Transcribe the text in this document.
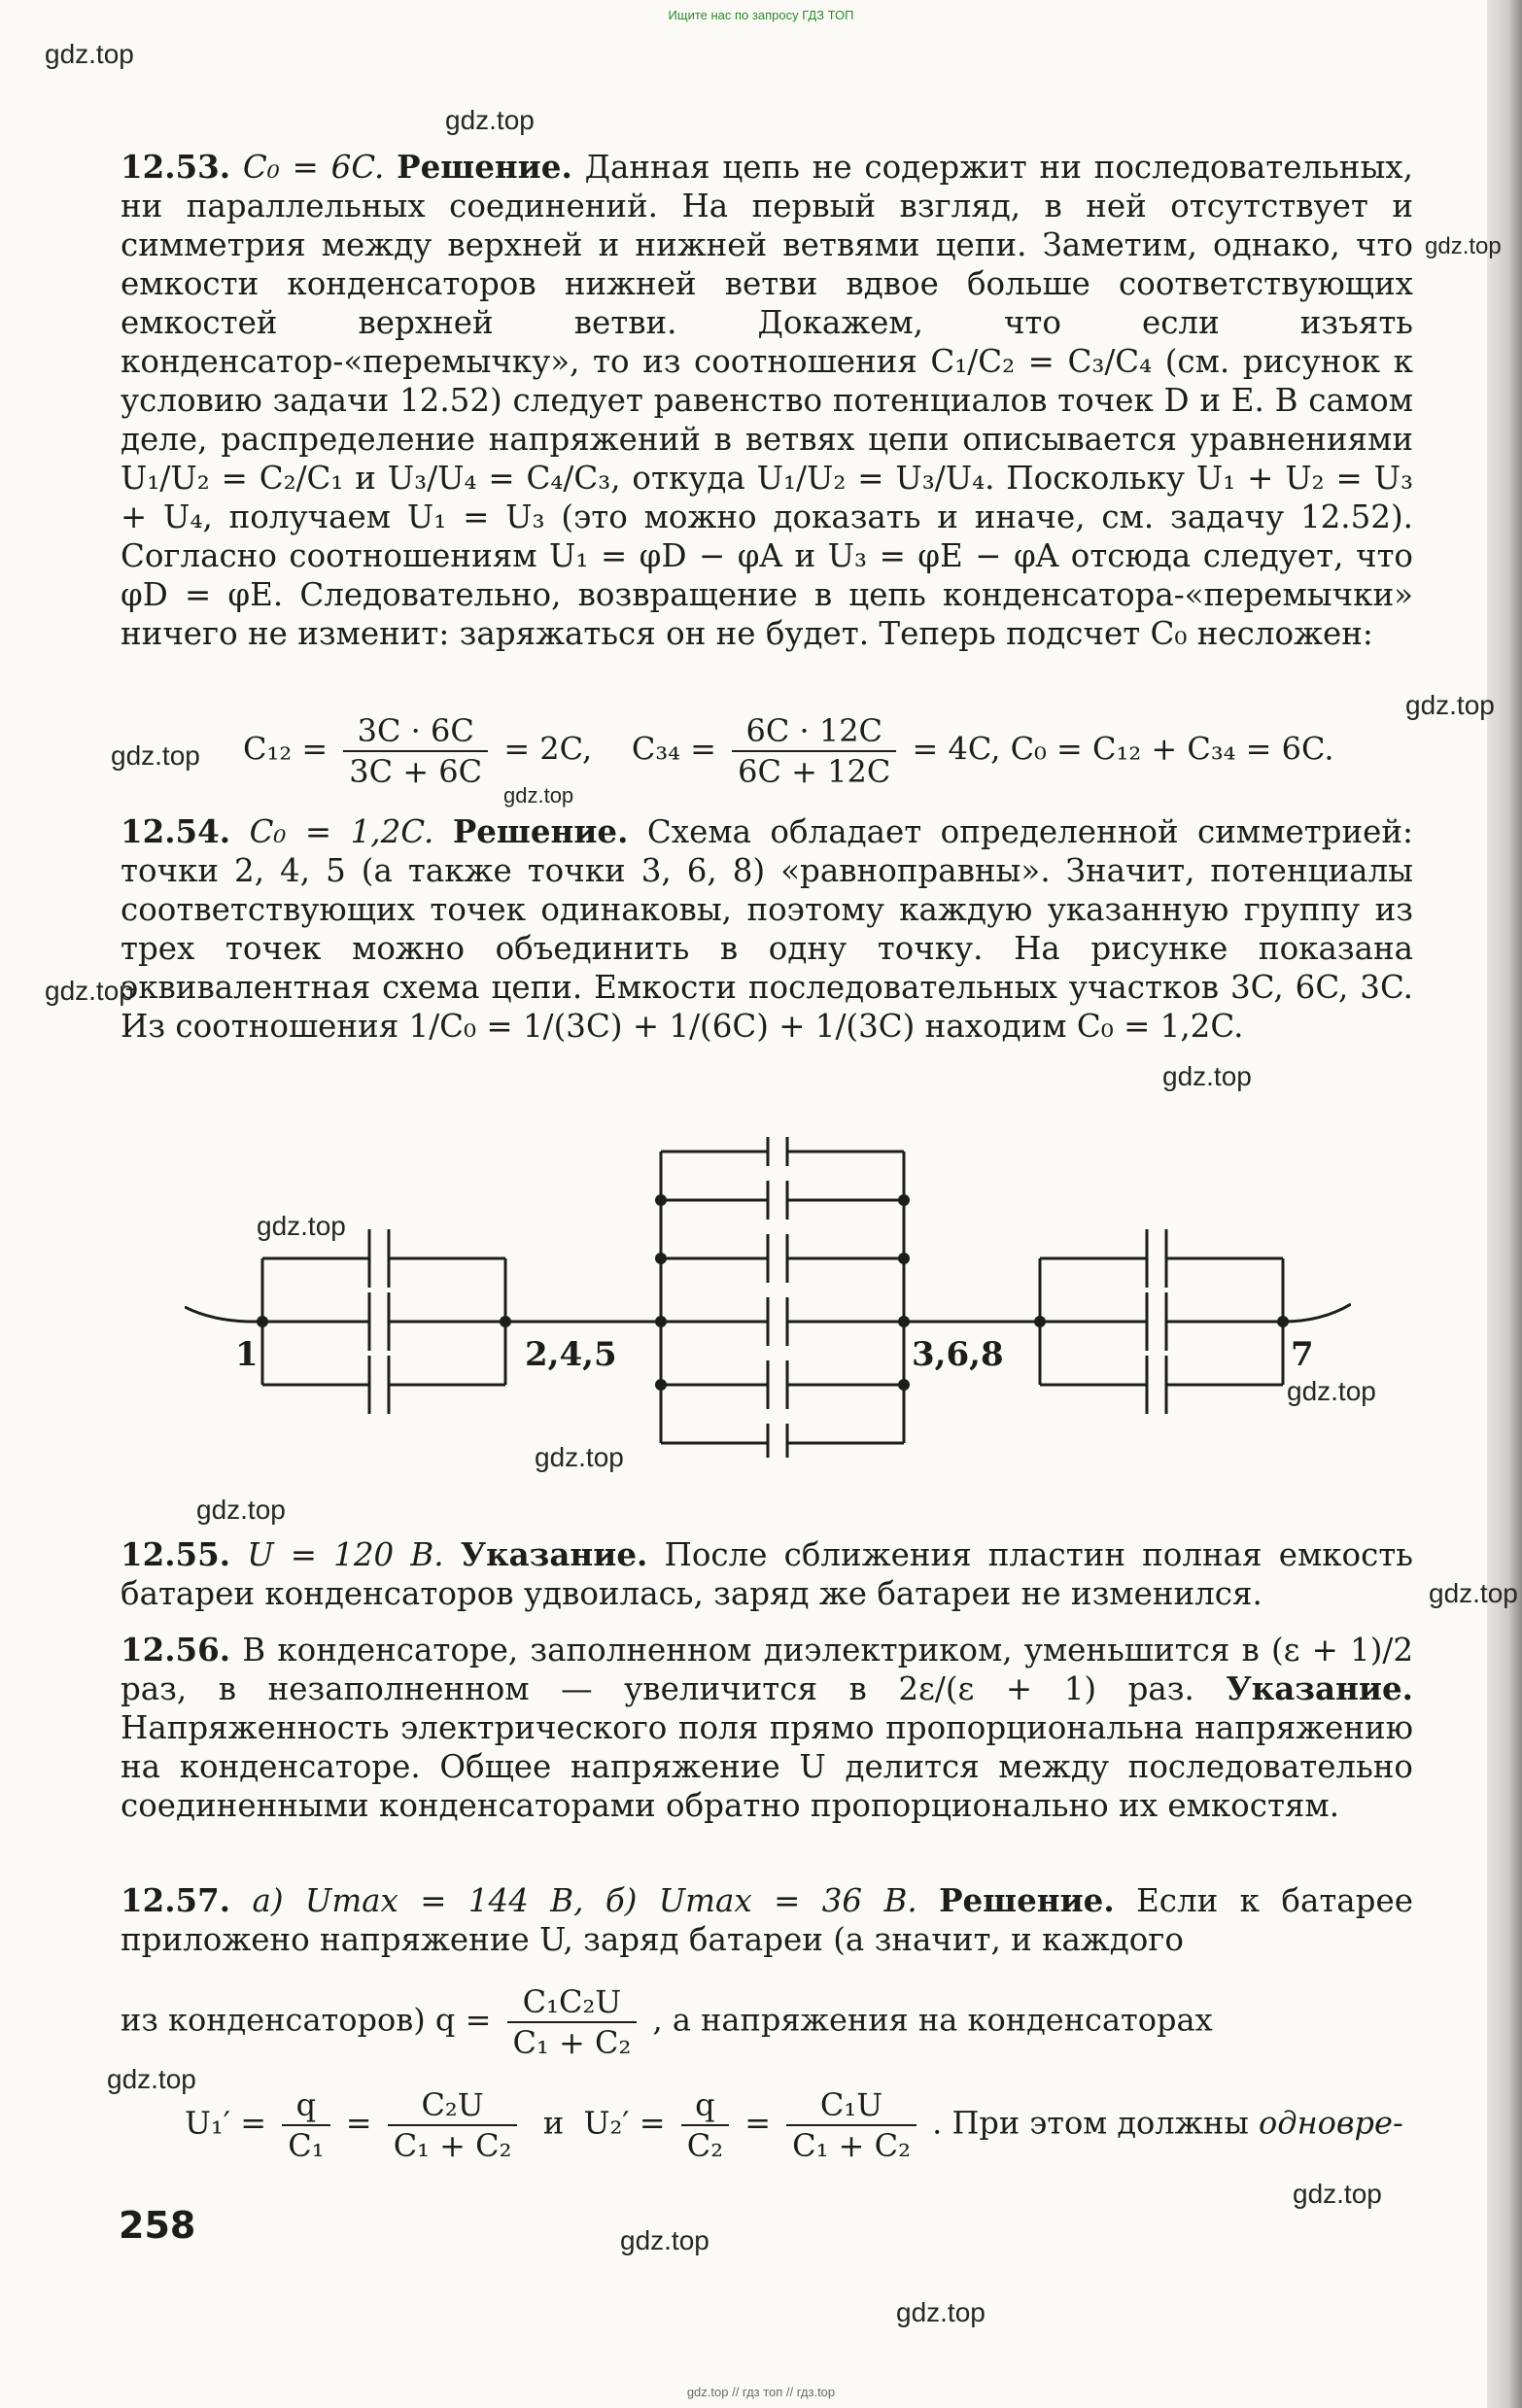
Ищите нас по запросу ГДЗ ТОП
gdz.top
gdz.top
gdz.top
gdz.top
gdz.top
gdz.top
gdz.top
gdz.top
gdz.top
gdz.top
gdz.top
gdz.top
gdz.top
gdz.top
gdz.top
gdz.top
gdz.top
12.53. C₀ = 6C. Решение. Данная цепь не содержит ни последовательных, ни параллельных соединений. На первый взгляд, в ней отсутствует и симметрия между верхней и нижней ветвями цепи. Заметим, однако, что емкости конденсаторов нижней ветви вдвое больше соответствующих емкостей верхней ветви. Докажем, что если изъять конденсатор-«перемычку», то из соотношения C₁/C₂ = C₃/C₄ (см. рисунок к условию задачи 12.52) следует равенство потенциалов точек D и E. В самом деле, распределение напряжений в ветвях цепи описывается уравнениями U₁/U₂ = C₂/C₁ и U₃/U₄ = C₄/C₃, откуда U₁/U₂ = U₃/U₄. Поскольку U₁ + U₂ = U₃ + U₄, получаем U₁ = U₃ (это можно доказать и иначе, см. задачу 12.52). Согласно соотношениям U₁ = φD − φA и U₃ = φE − φA отсюда следует, что φD = φE. Следовательно, возвращение в цепь конденсатора-«перемычки» ничего не изменит: заряжаться он не будет. Теперь подсчет C₀ несложен:
$C_{12} = \frac{3C \cdot 6C}{3C + 6C} = 2C$, $C_{34} = \frac{6C \cdot 12C}{6C + 12C} = 4C$, C₀ = C₁₂ + C₃₄ = 6C.
12.54. C₀ = 1,2C. Решение. Схема обладает определенной симметрией: точки 2, 4, 5 (а также точки 3, 6, 8) «равноправны». Значит, потенциалы соответствующих точек одинаковы, поэтому каждую указанную группу из трех точек можно объединить в одну точку. На рисунке показана эквивалентная схема цепи. Емкости последовательных участков 3C, 6C, 3C. Из соотношения 1/C₀ = 1/(3C) + 1/(6C) + 1/(3C) находим C₀ = 1,2C.
1	2,4,5	3,6,8	7
12.55. U = 120 В. Указание. После сближения пластин полная емкость батареи конденсаторов удвоилась, заряд же батареи не изменился.
12.56. В конденсаторе, заполненном диэлектриком, уменьшится в (ε + 1)/2 раз, в незаполненном — увеличится в 2ε/(ε + 1) раз. Указание. Напряженность электрического поля прямо пропорциональна напряжению на конденсаторе. Общее напряжение U делится между последовательно соединенными конденсаторами обратно пропорционально их емкостям.
12.57. а) Umax = 144 В, б) Umax = 36 В. Решение. Если к батарее приложено напряжение U, заряд батареи (а значит, и каждого
из конденсаторов) $q = \frac{\text{C₁C₂U}}{\text{C₁ + C₂}}$ , а напряжения на конденсаторах
$U_1' = \frac{q}{\text{C₁}} = \frac{\text{C₂U}}{\text{C₁ + C₂}}$ и $U_2' = \frac{q}{\text{C₂}} = \frac{\text{C₁U}}{\text{C₁ + C₂}}$ . При этом должны одновре-
258
gdz.top // гдз топ // гдз.top
